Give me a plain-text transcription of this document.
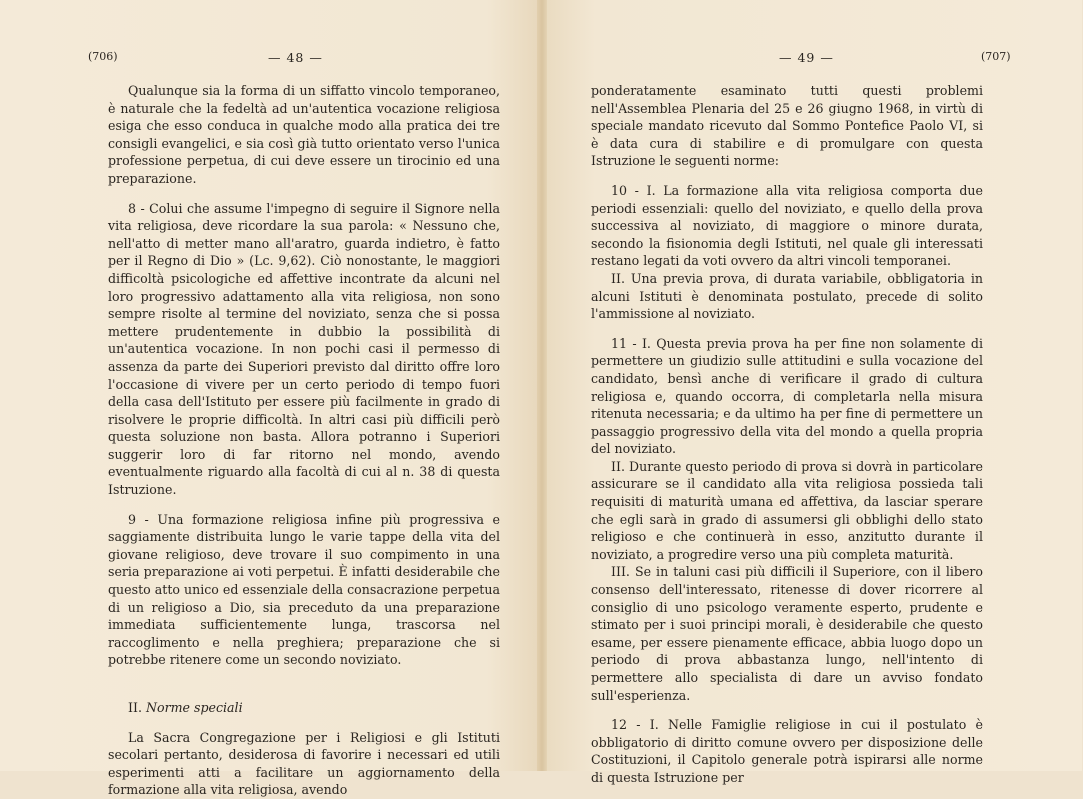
(706)	— 48 —

Qualunque sia la forma di un siffatto vincolo temporaneo, è naturale che la fedeltà ad un'autentica vocazione religiosa esiga che esso conduca in qualche modo alla pratica dei tre consigli evangelici, e sia così già tutto orientato verso l'unica professione perpetua, di cui deve essere un tirocinio ed una preparazione.

8 - Colui che assume l'impegno di seguire il Signore nella vita religiosa, deve ricordare la sua parola: « Nessuno che, nell'atto di metter mano all'aratro, guarda indietro, è fatto per il Regno di Dio » (Lc. 9,62). Ciò nonostante, le maggiori difficoltà psicologiche ed affettive incontrate da alcuni nel loro progressivo adattamento alla vita religiosa, non sono sempre risolte al termine del noviziato, senza che si possa mettere prudentemente in dubbio la possibilità di un'autentica vocazione. In non pochi casi il permesso di assenza da parte dei Superiori previsto dal diritto offre loro l'occasione di vivere per un certo periodo di tempo fuori della casa dell'Istituto per essere più facilmente in grado di risolvere le proprie difficoltà. In altri casi più difficili però questa soluzione non basta. Allora potranno i Superiori suggerir loro di far ritorno nel mondo, avendo eventualmente riguardo alla facoltà di cui al n. 38 di questa Istruzione.

9 - Una formazione religiosa infine più progressiva e saggiamente distribuita lungo le varie tappe della vita del giovane religioso, deve trovare il suo compimento in una seria preparazione ai voti perpetui. È infatti desiderabile che questo atto unico ed essenziale della consacrazione perpetua di un religioso a Dio, sia preceduto da una preparazione immediata sufficientemente lunga, trascorsa nel raccoglimento e nella preghiera; preparazione che si potrebbe ritenere come un secondo noviziato.

II. Norme speciali

La Sacra Congregazione per i Religiosi e gli Istituti secolari pertanto, desiderosa di favorire i necessari ed utili esperimenti atti a facilitare un aggiornamento della formazione alla vita religiosa, avendo

— 49 —	(707)

ponderatamente esaminato tutti questi problemi nell'Assemblea Plenaria del 25 e 26 giugno 1968, in virtù di speciale mandato ricevuto dal Sommo Pontefice Paolo VI, si è data cura di stabilire e di promulgare con questa Istruzione le seguenti norme:

10 - I. La formazione alla vita religiosa comporta due periodi essenziali: quello del noviziato, e quello della prova successiva al noviziato, di maggiore o minore durata, secondo la fisionomia degli Istituti, nel quale gli interessati restano legati da voti ovvero da altri vincoli temporanei.

II. Una previa prova, di durata variabile, obbligatoria in alcuni Istituti è denominata postulato, precede di solito l'ammissione al noviziato.

11 - I. Questa previa prova ha per fine non solamente di permettere un giudizio sulle attitudini e sulla vocazione del candidato, bensì anche di verificare il grado di cultura religiosa e, quando occorra, di completarla nella misura ritenuta necessaria; e da ultimo ha per fine di permettere un passaggio progressivo della vita del mondo a quella propria del noviziato.

II. Durante questo periodo di prova si dovrà in particolare assicurare se il candidato alla vita religiosa possieda tali requisiti di maturità umana ed affettiva, da lasciar sperare che egli sarà in grado di assumersi gli obblighi dello stato religioso e che continuerà in esso, anzitutto durante il noviziato, a progredire verso una più completa maturità.

III. Se in taluni casi più difficili il Superiore, con il libero consenso dell'interessato, ritenesse di dover ricorrere al consiglio di uno psicologo veramente esperto, prudente e stimato per i suoi principi morali, è desiderabile che questo esame, per essere pienamente efficace, abbia luogo dopo un periodo di prova abbastanza lungo, nell'intento di permettere allo specialista di dare un avviso fondato sull'esperienza.

12 - I. Nelle Famiglie religiose in cui il postulato è obbligatorio di diritto comune ovvero per disposizione delle Costituzioni, il Capitolo generale potrà ispirarsi alle norme di questa Istruzione per
